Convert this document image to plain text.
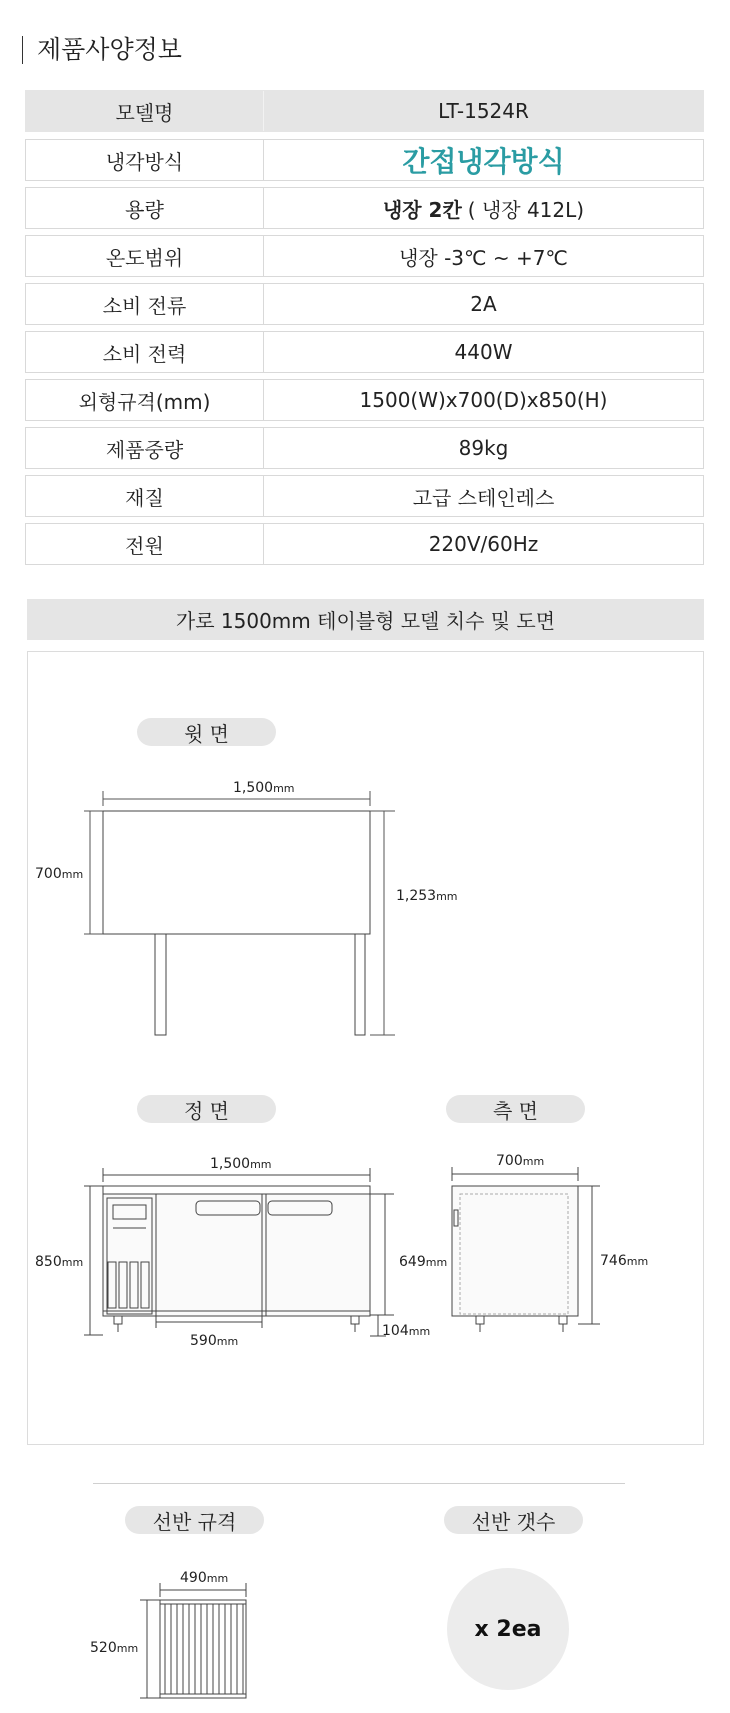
제품사양정보
모델명	LT-1524R
냉각방식	간접냉각방식
용량	냉장 2칸 ( 냉장 412L)
온도범위	냉장 -3℃ ~ +7℃
소비 전류	2A
소비 전력	440W
외형규격(mm)	1500(W)x700(D)x850(H)
제품중량	89kg
재질	고급 스테인레스
전원	220V/60Hz
가로 1500mm 테이블형 모델 치수 및 도면
윗 면
1,500mm
700mm
1,253mm
정 면
1,500mm
850mm	649mm
104mm
590mm
측 면
700mm
746mm
선반 규격	선반 갯수
490mm
520mm
x 2ea
